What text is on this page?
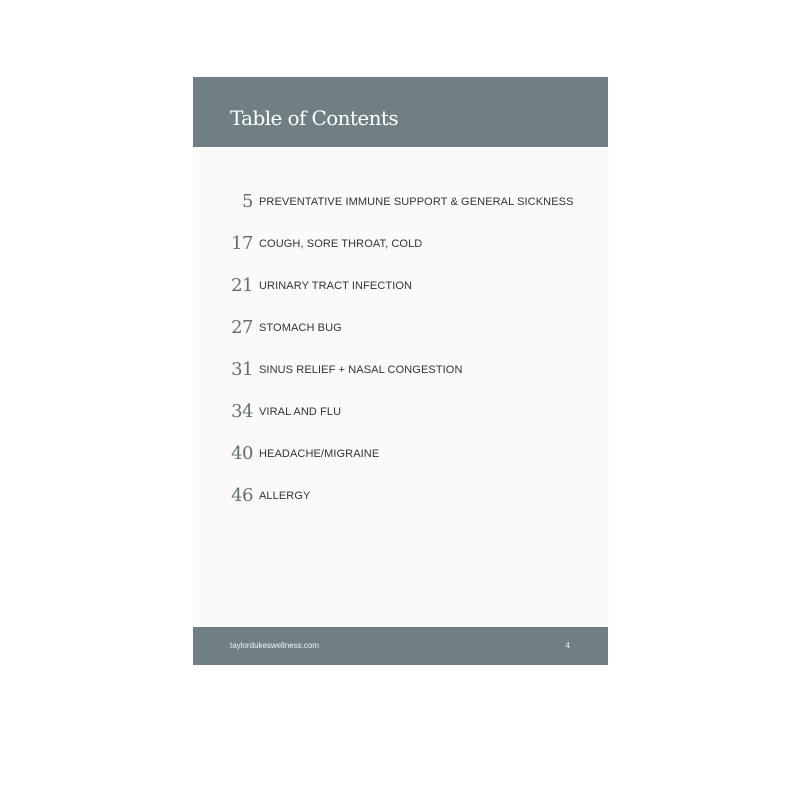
Table of Contents
5 PREVENTATIVE IMMUNE SUPPORT & GENERAL SICKNESS
17 COUGH, SORE THROAT, COLD
21 URINARY TRACT INFECTION
27 STOMACH BUG
31 SINUS RELIEF + NASAL CONGESTION
34 VIRAL AND FLU
40 HEADACHE/MIGRAINE
46 ALLERGY
taylordukeswellness.com	4
